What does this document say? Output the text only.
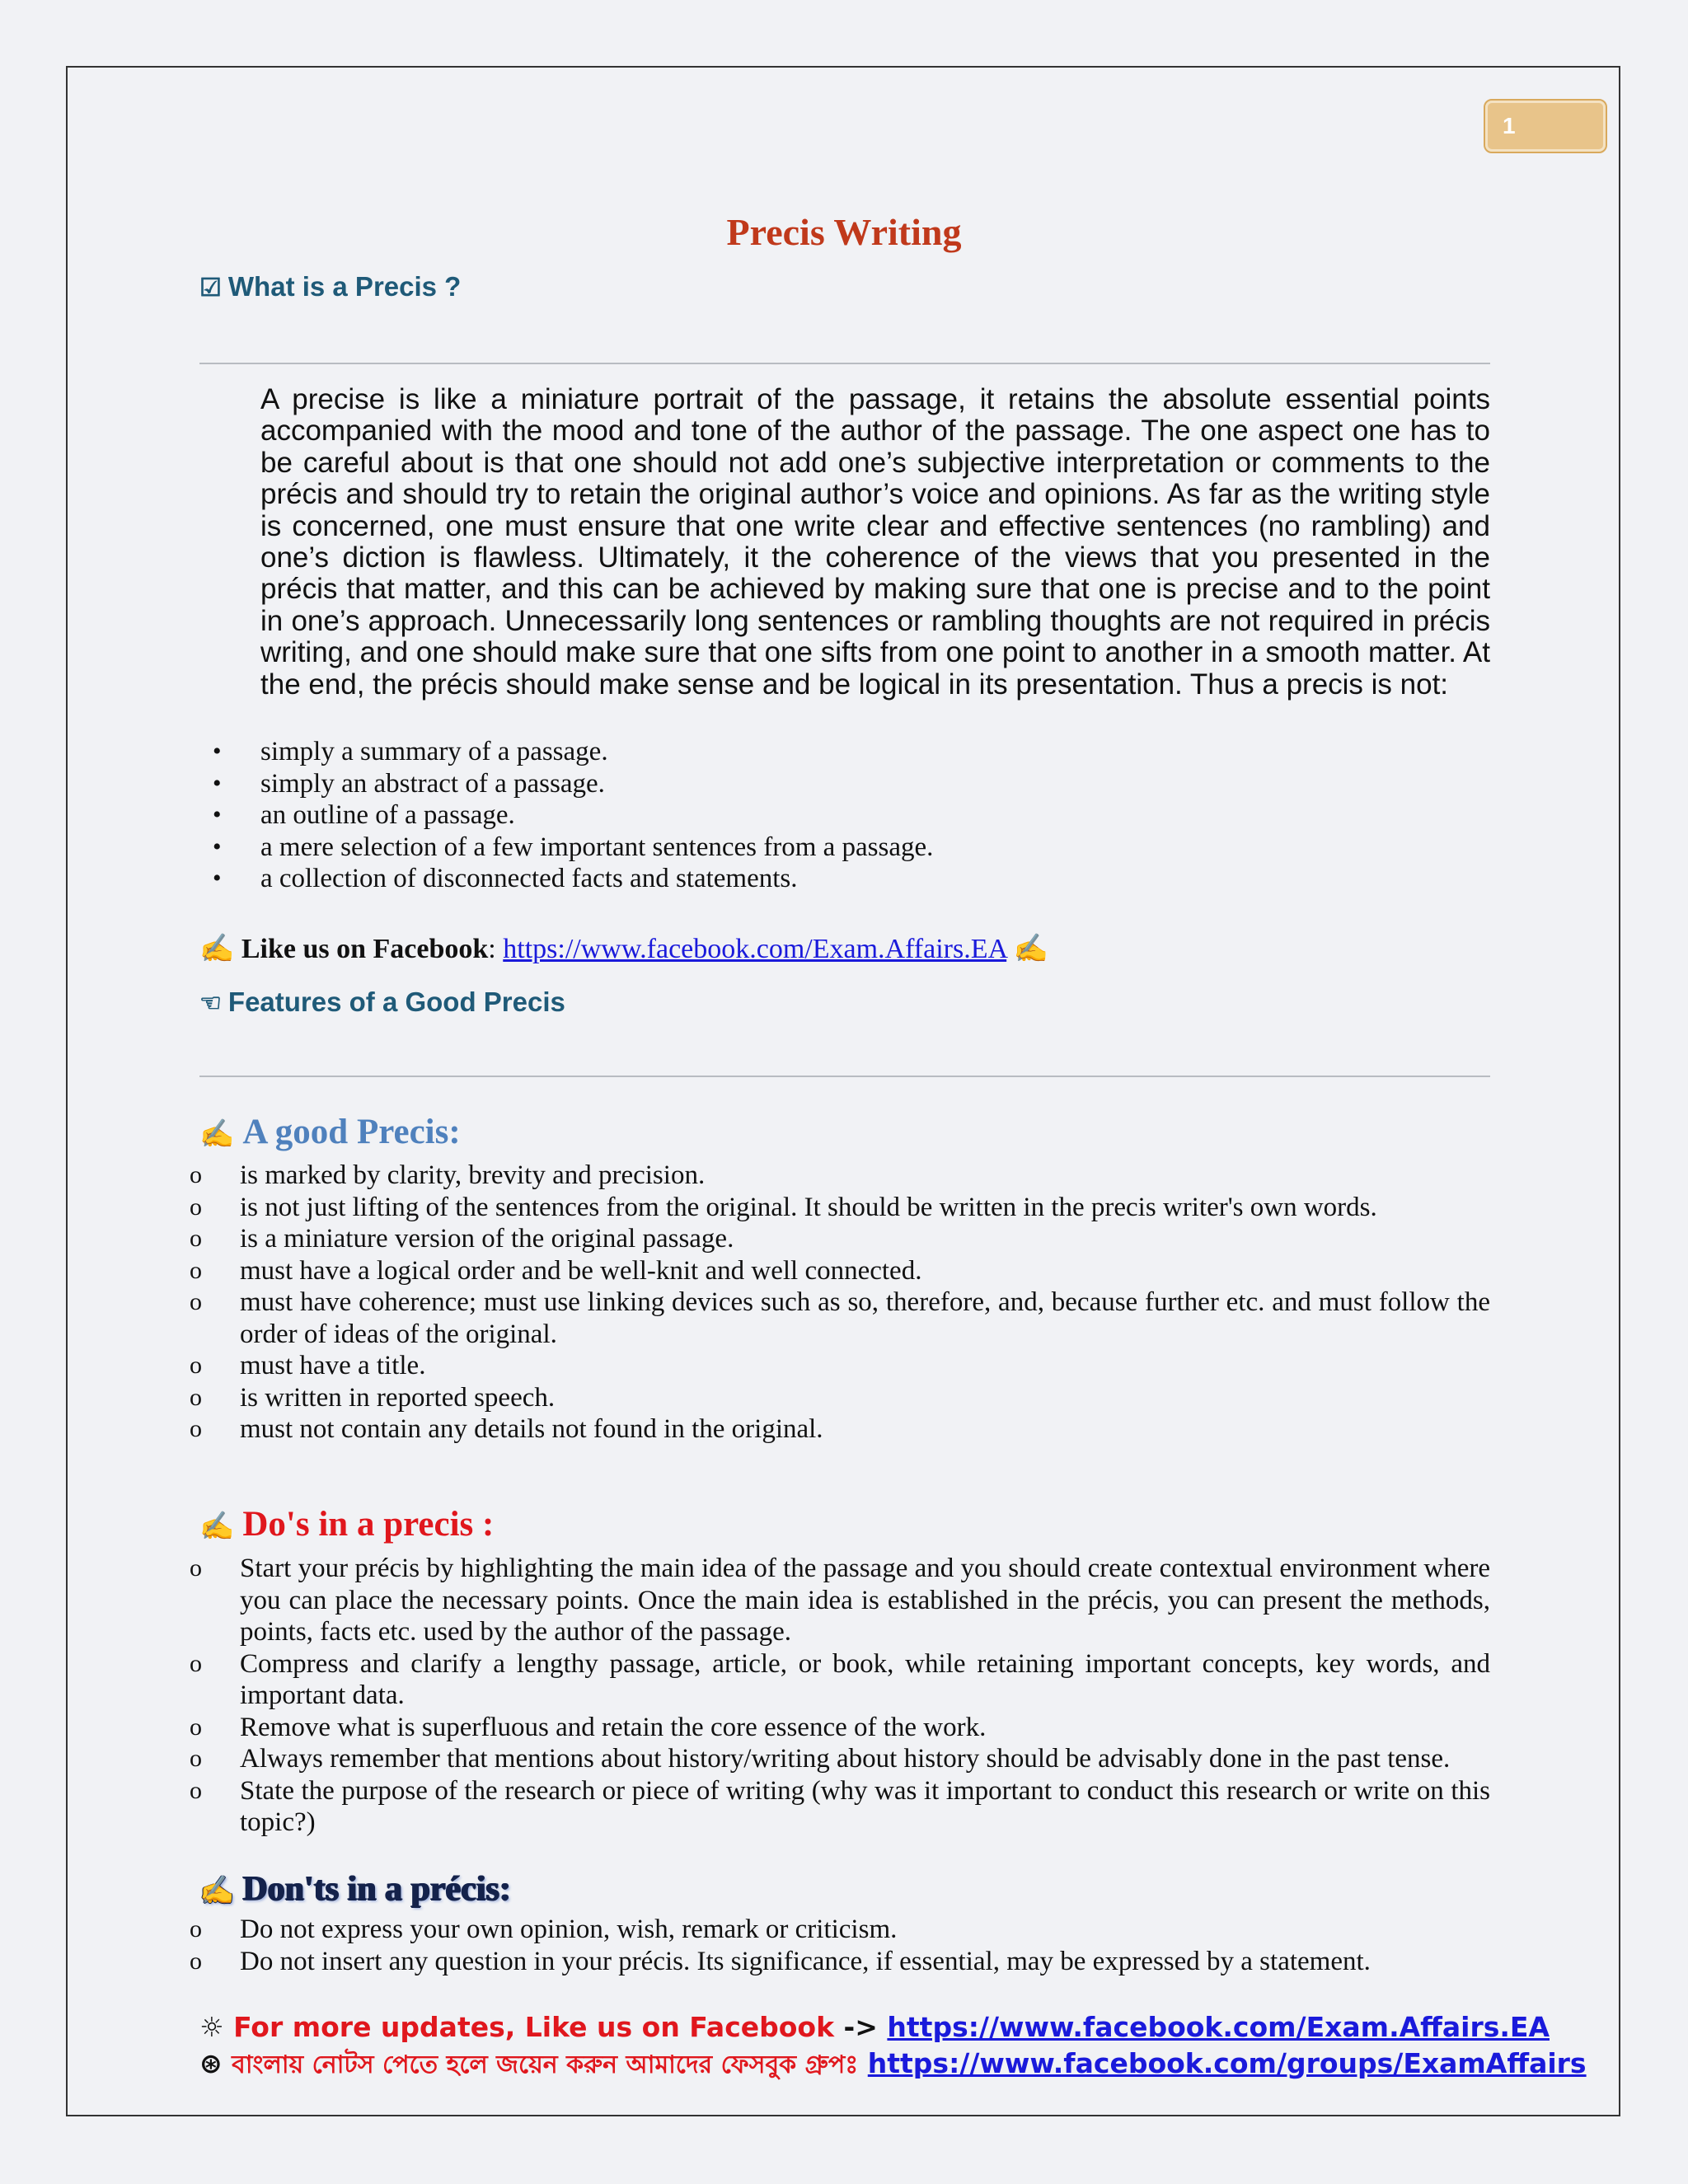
1
Precis Writing
☑ What is a Precis ?
A precise is like a miniature portrait of the passage, it retains the absolute essential points accompanied with the mood and tone of the author of the passage. The one aspect one has to be careful about is that one should not add one’s subjective interpretation or comments to the précis and should try to retain the original author’s voice and opinions. As far as the writing style is concerned, one must ensure that one write clear and effective sentences (no rambling) and one’s diction is flawless. Ultimately, it the coherence of the views that you presented in the précis that matter, and this can be achieved by making sure that one is precise and to the point in one’s approach. Unnecessarily long sentences or rambling thoughts are not required in précis writing, and one should make sure that one sifts from one point to another in a smooth matter. At the end, the précis should make sense and be logical in its presentation. Thus a precis is not:
• simply a summary of a passage.
• simply an abstract of a passage.
• an outline of a passage.
• a mere selection of a few important sentences from a passage.
• a collection of disconnected facts and statements.
✍ Like us on Facebook: https://www.facebook.com/Exam.Affairs.EA ✍
☜ Features of a Good Precis
✍ A good Precis:
o is marked by clarity, brevity and precision.
o is not just lifting of the sentences from the original. It should be written in the precis writer's own words.
o is a miniature version of the original passage.
o must have a logical order and be well-knit and well connected.
o must have coherence; must use linking devices such as so, therefore, and, because further etc. and must follow the order of ideas of the original.
o must have a title.
o is written in reported speech.
o must not contain any details not found in the original.
✍ Do's in a precis :
o Start your précis by highlighting the main idea of the passage and you should create contextual environment where you can place the necessary points. Once the main idea is established in the précis, you can present the methods, points, facts etc. used by the author of the passage.
o Compress and clarify a lengthy passage, article, or book, while retaining important concepts, key words, and important data.
o Remove what is superfluous and retain the core essence of the work.
o Always remember that mentions about history/writing about history should be advisably done in the past tense.
o State the purpose of the research or piece of writing (why was it important to conduct this research or write on this topic?)
✍ Don'ts in a précis:
o Do not express your own opinion, wish, remark or criticism.
o Do not insert any question in your précis. Its significance, if essential, may be expressed by a statement.
☼ For more updates, Like us on Facebook -> https://www.facebook.com/Exam.Affairs.EA
⊛ বাংলায় নোটস পেতে হলে জয়েন করুন আমাদের ফেসবুক গ্রুপঃ https://www.facebook.com/groups/ExamAffairs
